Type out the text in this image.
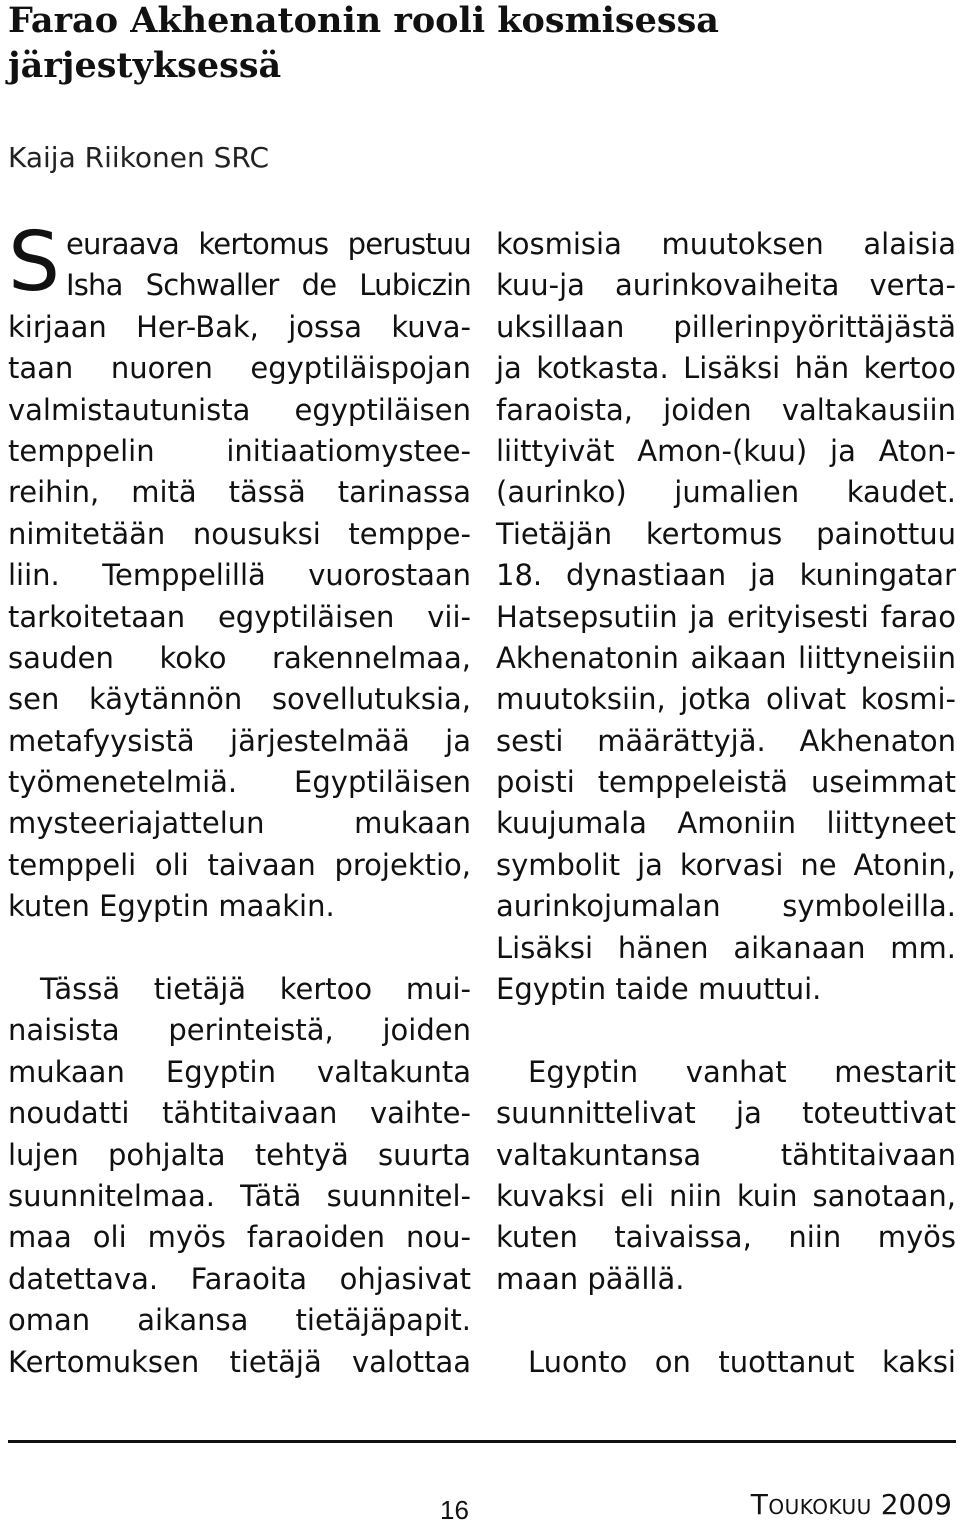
Farao Akhenatonin rooli kosmisessa järjestyksessä
Kaija Riikonen SRC
S euraava kertomus perustuu
Isha Schwaller de Lubiczin
kirjaan Her-Bak, jossa kuva-
taan nuoren egyptiläispojan
valmistautunista egyptiläisen
temppelin initiaatiomystee-
reihin, mitä tässä tarinassa
nimitetään nousuksi temppe-
liin. Temppelillä vuorostaan
tarkoitetaan egyptiläisen vii-
sauden koko rakennelmaa,
sen käytännön sovellutuksia,
metafyysistä järjestelmää ja
työmenetelmiä. Egyptiläisen
mysteeriajattelun mukaan
temppeli oli taivaan projektio,
kuten Egyptin maakin.
Tässä tietäjä kertoo mui-
naisista perinteistä, joiden
mukaan Egyptin valtakunta
noudatti tähtitaivaan vaihte-
lujen pohjalta tehtyä suurta
suunnitelmaa. Tätä suunnitel-
maa oli myös faraoiden nou-
datettava. Faraoita ohjasivat
oman aikansa tietäjäpapit.
Kertomuksen tietäjä valottaa
kosmisia muutoksen alaisia
kuu-ja aurinkovaiheita verta-
uksillaan pillerinpyörittäjästä
ja kotkasta. Lisäksi hän kertoo
faraoista, joiden valtakausiin
liittyivät Amon-(kuu) ja Aton-
(aurinko) jumalien kaudet.
Tietäjän kertomus painottuu
18. dynastiaan ja kuningatar
Hatsepsutiin ja erityisesti farao
Akhenatonin aikaan liittyneisiin
muutoksiin, jotka olivat kosmi-
sesti määrättyjä. Akhenaton
poisti temppeleistä useimmat
kuujumala Amoniin liittyneet
symbolit ja korvasi ne Atonin,
aurinkojumalan symboleilla.
Lisäksi hänen aikanaan mm.
Egyptin taide muuttui.
Egyptin vanhat mestarit
suunnittelivat ja toteuttivat
valtakuntansa tähtitaivaan
kuvaksi eli niin kuin sanotaan,
kuten taivaissa, niin myös
maan päällä.
Luonto on tuottanut kaksi
16	Toukokuu 2009
